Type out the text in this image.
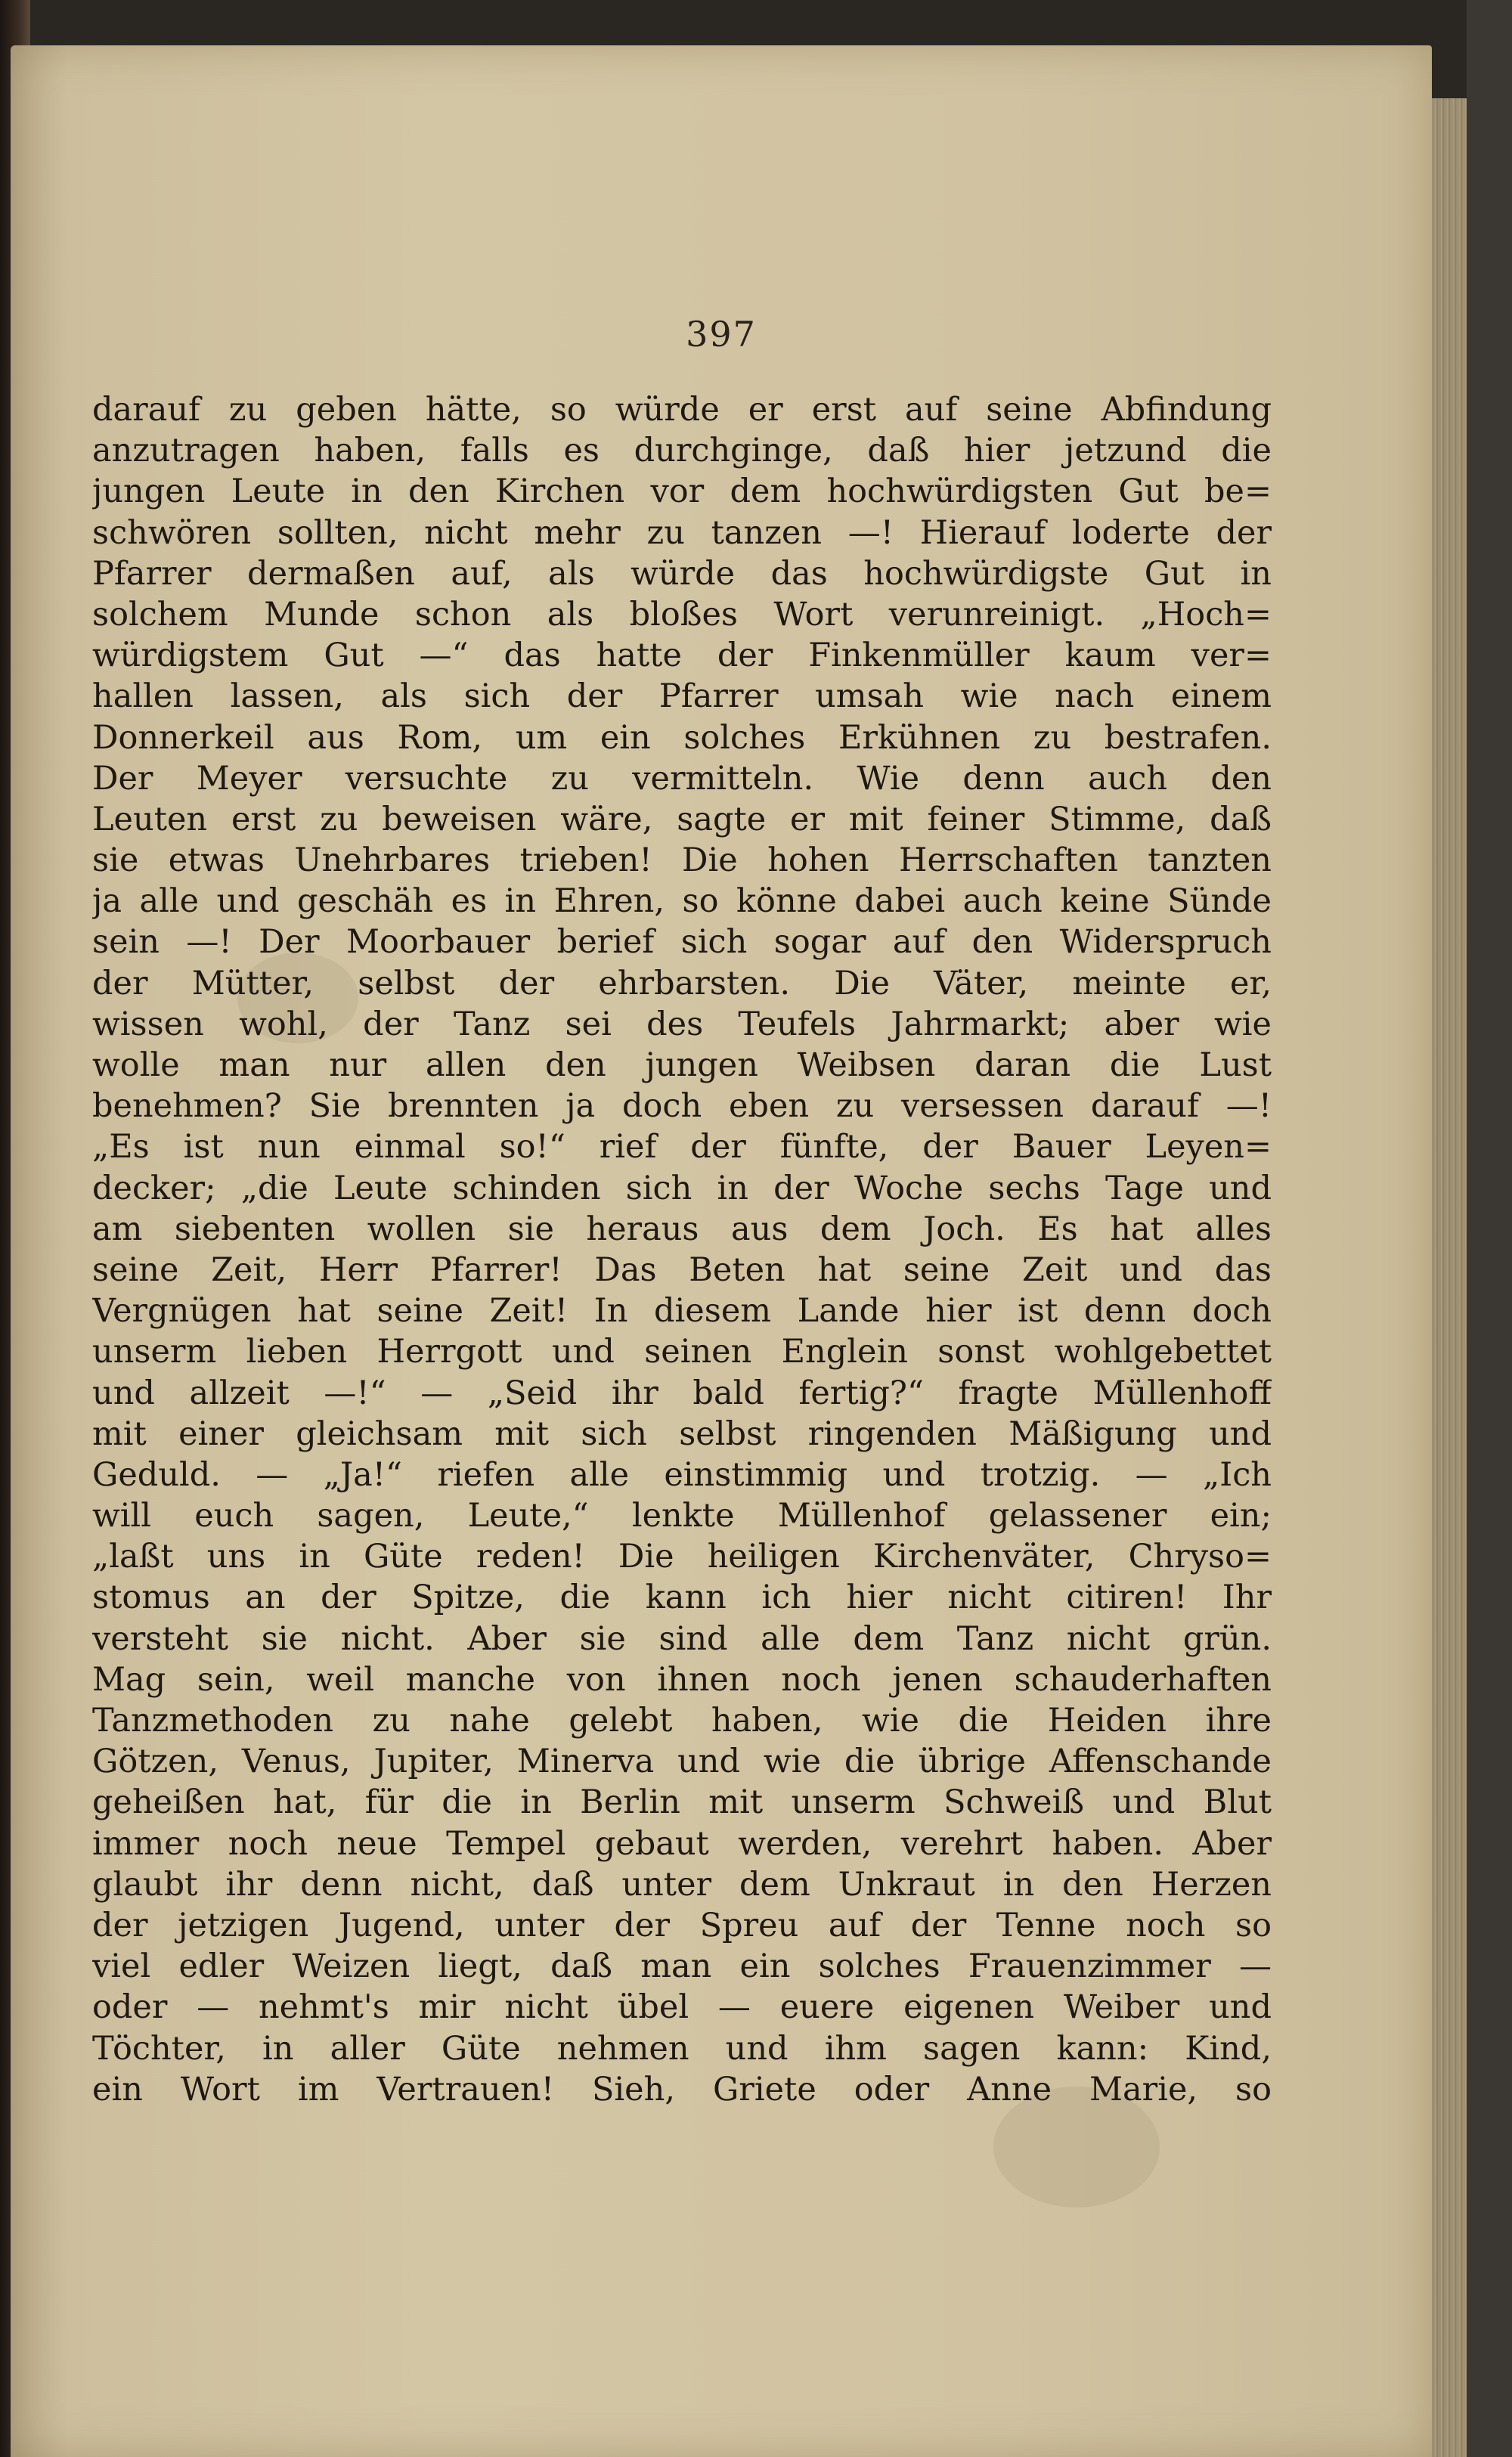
397
darauf zu geben hätte, so würde er erst auf seine Abfindung
anzutragen haben, falls es durchginge, daß hier jetzund die
jungen Leute in den Kirchen vor dem hochwürdigsten Gut be=
schwören sollten, nicht mehr zu tanzen —! Hierauf loderte der
Pfarrer dermaßen auf, als würde das hochwürdigste Gut in
solchem Munde schon als bloßes Wort verunreinigt. „Hoch=
würdigstem Gut —“ das hatte der Finkenmüller kaum ver=
hallen lassen, als sich der Pfarrer umsah wie nach einem
Donnerkeil aus Rom, um ein solches Erkühnen zu bestrafen.
Der Meyer versuchte zu vermitteln. Wie denn auch den
Leuten erst zu beweisen wäre, sagte er mit feiner Stimme, daß
sie etwas Unehrbares trieben! Die hohen Herrschaften tanzten
ja alle und geschäh es in Ehren, so könne dabei auch keine Sünde
sein —! Der Moorbauer berief sich sogar auf den Widerspruch
der Mütter, selbst der ehrbarsten. Die Väter, meinte er,
wissen wohl, der Tanz sei des Teufels Jahrmarkt; aber wie
wolle man nur allen den jungen Weibsen daran die Lust
benehmen? Sie brennten ja doch eben zu versessen darauf —!
„Es ist nun einmal so!“ rief der fünfte, der Bauer Leyen=
decker; „die Leute schinden sich in der Woche sechs Tage und
am siebenten wollen sie heraus aus dem Joch. Es hat alles
seine Zeit, Herr Pfarrer! Das Beten hat seine Zeit und das
Vergnügen hat seine Zeit! In diesem Lande hier ist denn doch
unserm lieben Herrgott und seinen Englein sonst wohlgebettet
und allzeit —!“ — „Seid ihr bald fertig?“ fragte Müllenhoff
mit einer gleichsam mit sich selbst ringenden Mäßigung und
Geduld. — „Ja!“ riefen alle einstimmig und trotzig. — „Ich
will euch sagen, Leute,“ lenkte Müllenhof gelassener ein;
„laßt uns in Güte reden! Die heiligen Kirchenväter, Chryso=
stomus an der Spitze, die kann ich hier nicht citiren! Ihr
versteht sie nicht. Aber sie sind alle dem Tanz nicht grün.
Mag sein, weil manche von ihnen noch jenen schauderhaften
Tanzmethoden zu nahe gelebt haben, wie die Heiden ihre
Götzen, Venus, Jupiter, Minerva und wie die übrige Affenschande
geheißen hat, für die in Berlin mit unserm Schweiß und Blut
immer noch neue Tempel gebaut werden, verehrt haben. Aber
glaubt ihr denn nicht, daß unter dem Unkraut in den Herzen
der jetzigen Jugend, unter der Spreu auf der Tenne noch so
viel edler Weizen liegt, daß man ein solches Frauenzimmer —
oder — nehmt's mir nicht übel — euere eigenen Weiber und
Töchter, in aller Güte nehmen und ihm sagen kann: Kind,
ein Wort im Vertrauen! Sieh, Griete oder Anne Marie, so
